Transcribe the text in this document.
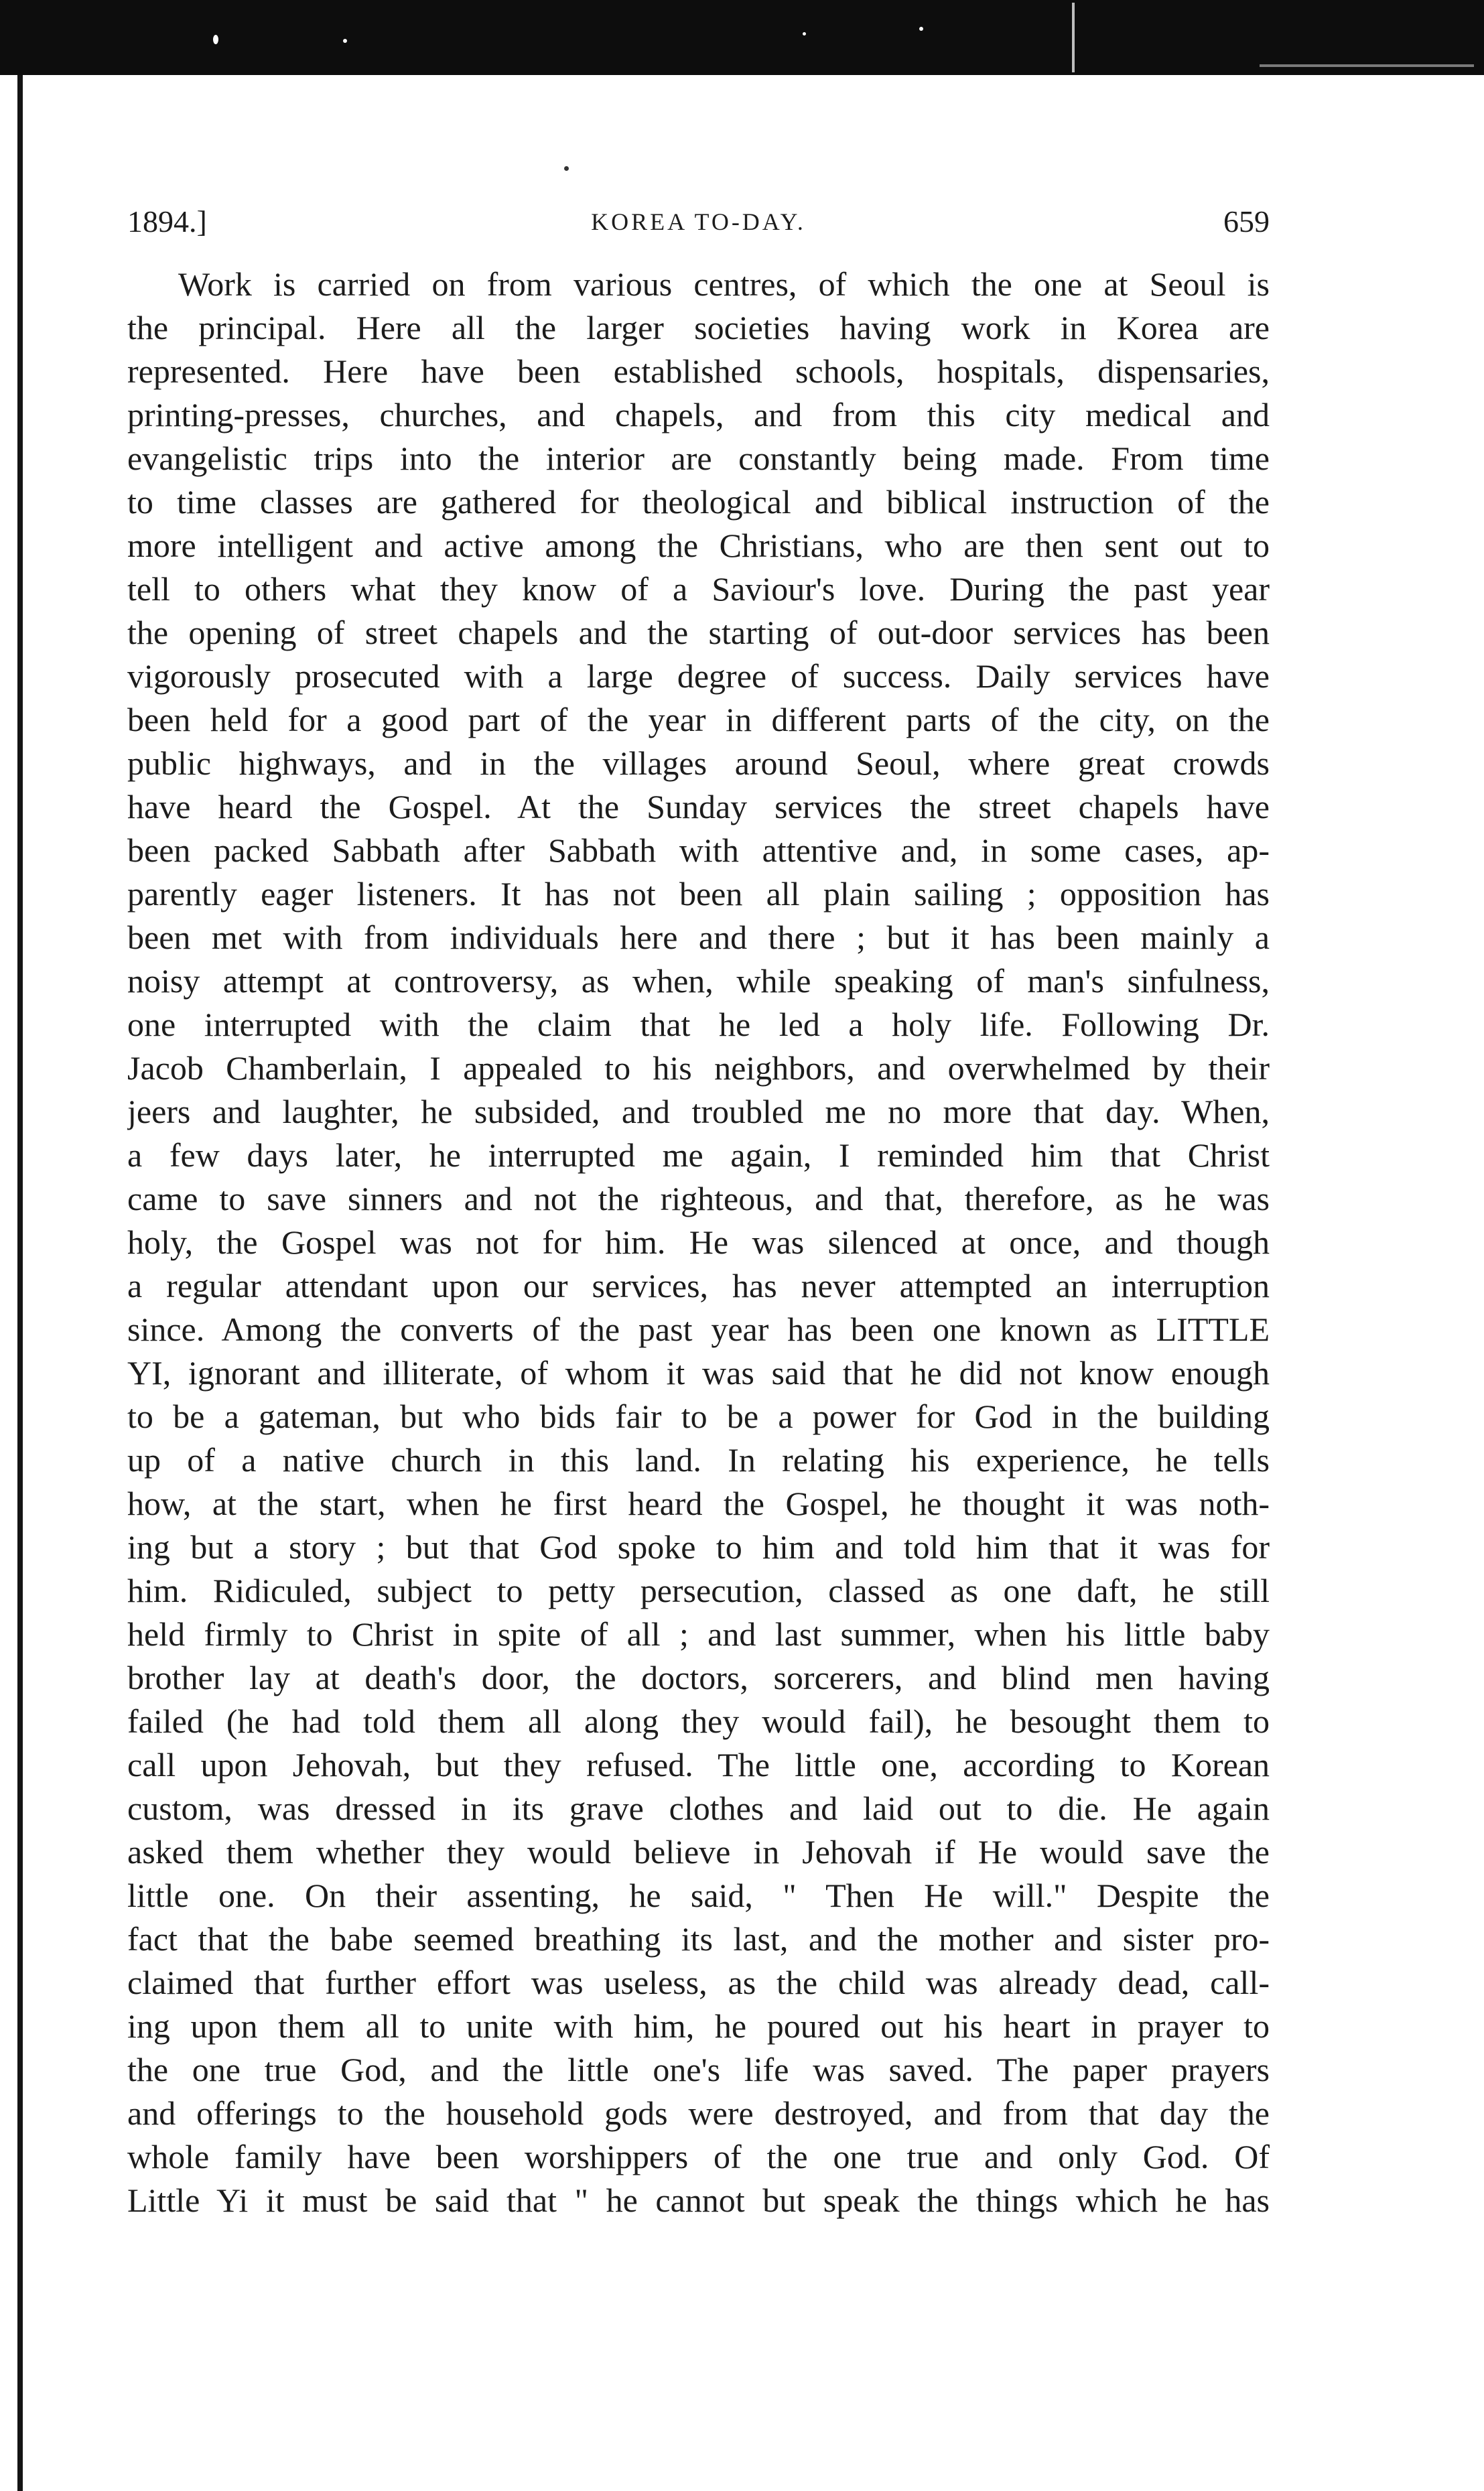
1894.]	KOREA TO-DAY.	659
Work is carried on from various centres, of which the one at Seoul is
the principal. Here all the larger societies having work in Korea are
represented. Here have been established schools, hospitals, dispensaries,
printing-presses, churches, and chapels, and from this city medical and
evangelistic trips into the interior are constantly being made. From time
to time classes are gathered for theological and biblical instruction of the
more intelligent and active among the Christians, who are then sent out to
tell to others what they know of a Saviour's love. During the past year
the opening of street chapels and the starting of out-door services has been
vigorously prosecuted with a large degree of success. Daily services have
been held for a good part of the year in different parts of the city, on the
public highways, and in the villages around Seoul, where great crowds
have heard the Gospel. At the Sunday services the street chapels have
been packed Sabbath after Sabbath with attentive and, in some cases, ap-
parently eager listeners. It has not been all plain sailing ; opposition has
been met with from individuals here and there ; but it has been mainly a
noisy attempt at controversy, as when, while speaking of man's sinfulness,
one interrupted with the claim that he led a holy life. Following Dr.
Jacob Chamberlain, I appealed to his neighbors, and overwhelmed by their
jeers and laughter, he subsided, and troubled me no more that day. When,
a few days later, he interrupted me again, I reminded him that Christ
came to save sinners and not the righteous, and that, therefore, as he was
holy, the Gospel was not for him. He was silenced at once, and though
a regular attendant upon our services, has never attempted an interruption
since. Among the converts of the past year has been one known as LITTLE
YI, ignorant and illiterate, of whom it was said that he did not know enough
to be a gateman, but who bids fair to be a power for God in the building
up of a native church in this land. In relating his experience, he tells
how, at the start, when he first heard the Gospel, he thought it was noth-
ing but a story ; but that God spoke to him and told him that it was for
him. Ridiculed, subject to petty persecution, classed as one daft, he still
held firmly to Christ in spite of all ; and last summer, when his little baby
brother lay at death's door, the doctors, sorcerers, and blind men having
failed (he had told them all along they would fail), he besought them to
call upon Jehovah, but they refused. The little one, according to Korean
custom, was dressed in its grave clothes and laid out to die. He again
asked them whether they would believe in Jehovah if He would save the
little one. On their assenting, he said, " Then He will." Despite the
fact that the babe seemed breathing its last, and the mother and sister pro-
claimed that further effort was useless, as the child was already dead, call-
ing upon them all to unite with him, he poured out his heart in prayer to
the one true God, and the little one's life was saved. The paper prayers
and offerings to the household gods were destroyed, and from that day the
whole family have been worshippers of the one true and only God. Of
Little Yi it must be said that " he cannot but speak the things which he has
